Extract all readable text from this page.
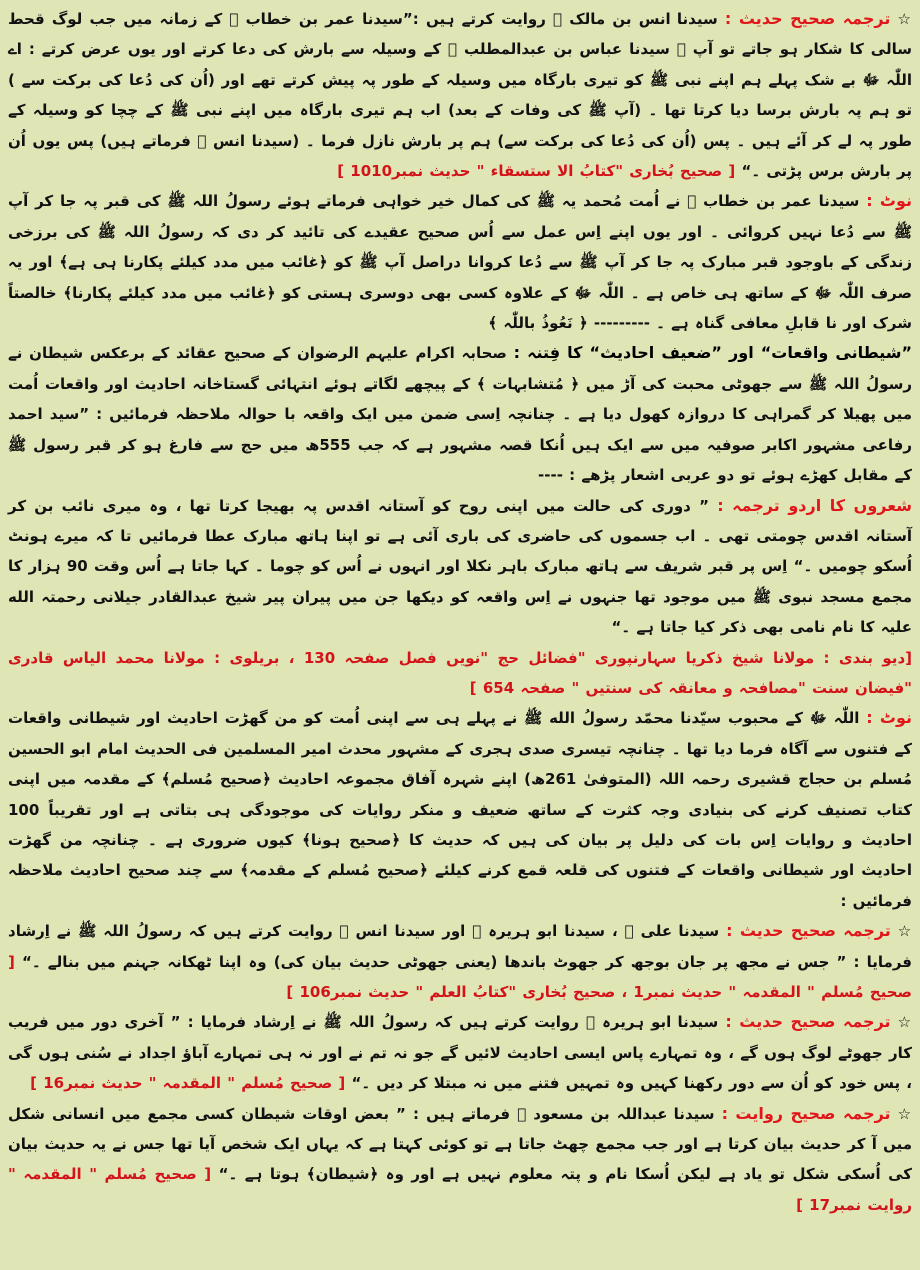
☆ ترجمہ صحیح حدیث : سیدنا انس بن مالک ﷛ روایت کرتے ہیں :”سیدنا عمر بن خطاب ﷛ کے زمانہ میں جب لوگ قحط سالی کا شکار ہو جاتے تو آپ ﷛ سیدنا عباس بن عبدالمطلب ﷛ کے وسیلہ سے بارش کی دعا کرتے اور یوں عرض کرتے : اے اللّٰہ ﷻ بے شک پہلے ہم اپنے نبی ﷺ کو تیری بارگاہ میں وسیلہ کے طور پہ پیش کرتے تھے اور (اُن کی دُعا کی برکت سے ) تو ہم پہ بارش برسا دیا کرتا تھا ۔ (آپ ﷺ کی وفات کے بعد) اب ہم تیری بارگاہ میں اپنے نبی ﷺ کے چچا کو وسیلہ کے طور پہ لے کر آئے ہیں ۔ پس (اُن کی دُعا کی برکت سے) ہم پر بارش نازل فرما ۔ (سیدنا انس ﷛ فرماتے ہیں) پس یوں اُن پر بارش برس پڑتی ۔“ [ صحیح بُخاری "کتابُ الا ستسقاء " حدیث نمبر1010 ]

نوٹ : سیدنا عمر بن خطاب ﷛ نے اُمت مُحمد یہ ﷺ کی کمال خیر خواہی فرماتے ہوئے رسولُ اللہ ﷺ کی قبر پہ جا کر آپ ﷺ سے دُعا نہیں کروائی ۔ اور یوں اپنے اِس عمل سے اُس صحیح عقیدے کی تائید کر دی کہ رسولُ اللہ ﷺ کی برزخی زندگی کے باوجود قبر مبارک پہ جا کر آپ ﷺ سے دُعا کروانا دراصل آپ ﷺ کو ﴿غائب میں مدد کیلئے پکارنا ہی ہے﴾ اور یہ صرف اللّٰہ ﷻ کے ساتھ ہی خاص ہے ۔ اللّٰہ ﷻ کے علاوہ کسی بھی دوسری ہستی کو ﴿غائب میں مدد کیلئے پکارنا﴾ خالصتاً شرک اور نا قابلِ معافی گناہ ہے ۔ --------- ﴿ نَعُوذُ باللّٰہ ﴾

”شیطانی واقعات“ اور ”ضعیف احادیث“ کا فِتنہ : صحابہ اکرام علیہم الرضوان کے صحیح عقائد کے برعکس شیطان نے رسولُ اللہ ﷺ سے جھوٹی محبت کی آڑ میں ﴿ مُتشابہات ﴾ کے پیچھے لگاتے ہوئے انتہائی گستاخانہ احادیث اور واقعات اُمت میں پھیلا کر گمراہی کا دروازہ کھول دیا ہے ۔ چنانچہ اِسی ضمن میں ایک واقعہ با حوالہ ملاحظہ فرمائیں : ”سید احمد رفاعی مشہور اکابر صوفیہ میں سے ایک ہیں اُنکا قصہ مشہور ہے کہ جب 555ھ میں حج سے فارغ ہو کر قبر رسول ﷺ کے مقابل کھڑے ہوئے تو دو عربی اشعار پڑھے : ----

شعروں کا اردو ترجمہ : ” دوری کی حالت میں اپنی روح کو آستانہ اقدس پہ بھیجا کرتا تھا ، وہ میری نائب بن کر آستانہ اقدس چومتی تھی ۔ اب جسموں کی حاضری کی باری آئی ہے تو اپنا ہاتھ مبارک عطا فرمائیں تا کہ میرے ہونٹ اُسکو چومیں ۔“ اِس پر قبر شریف سے ہاتھ مبارک باہر نکلا اور انہوں نے اُس کو چوما ۔ کہا جاتا ہے اُس وقت 90 ہزار کا مجمع مسجد نبوی ﷺ میں موجود تھا جنہوں نے اِس واقعہ کو دیکھا جن میں پیران پیر شیخ عبدالقادر جیلانی رحمتہ الله علیہ کا نام نامی بھی ذکر کیا جاتا ہے ۔“

[دیو بندی : مولانا شیخ ذکریا سہارنپوری "فضائل حج "نویں فصل صفحہ 130 ، بریلوی : مولانا محمد الیاس قادری "فیضان سنت "مصافحہ و معانقہ کی سنتیں " صفحہ 654 ]

نوٹ : اللّٰہ ﷻ کے محبوب سیّدنا محمّد رسولُ الله ﷺ نے پہلے ہی سے اپنی اُمت کو من گھڑت احادیث اور شیطانی واقعات کے فتنوں سے آگاہ فرما دیا تھا ۔ چنانچہ تیسری صدی ہجری کے مشہور محدث امیر المسلمین فی الحدیث امام ابو الحسین مُسلم بن حجاج قشیری رحمہ اللہ (المتوفیٰ 261ھ) اپنے شہرہ آفاق مجموعہ احادیث ﴿صحیح مُسلم﴾ کے مقدمہ میں اپنی کتاب تصنیف کرنے کی بنیادی وجہ کثرت کے ساتھ ضعیف و منکر روایات کی موجودگی ہی بتاتی ہے اور تقریباً 100 احادیث و روایات اِس بات کی دلیل پر بیان کی ہیں کہ حدیث کا ﴿صحیح ہونا﴾ کیوں ضروری ہے ۔ چنانچہ من گھڑت احادیث اور شیطانی واقعات کے فتنوں کی قلعہ قمع کرنے کیلئے ﴿صحیح مُسلم کے مقدمہ﴾ سے چند صحیح احادیث ملاحظہ فرمائیں :

☆ ترجمہ صحیح حدیث : سیدنا علی ﷛ ، سیدنا ابو ہریرہ ﷛ اور سیدنا انس ﷛ روایت کرتے ہیں کہ رسولُ اللہ ﷺ نے اِرشاد فرمایا : ” جس نے مجھ پر جان بوجھ کر جھوٹ باندھا (یعنی جھوٹی حدیث بیان کی) وہ اپنا ٹھکانہ جہنم میں بنالے ۔“ [ صحیح مُسلم " المقدمہ " حدیث نمبر1 ، صحیح بُخاری "کتابُ العلم " حدیث نمبر106 ]

☆ ترجمہ صحیح حدیث : سیدنا ابو ہریرہ ﷛ روایت کرتے ہیں کہ رسولُ اللہ ﷺ نے اِرشاد فرمایا : ” آخری دور میں فریب کار جھوٹے لوگ ہوں گے ، وہ تمہارے پاس ایسی احادیث لائیں گے جو نہ تم نے اور نہ ہی تمہارے آباؤ اجداد نے سُنی ہوں گی ، پس خود کو اُن سے دور رکھنا کہیں وہ تمہیں فتنے میں نہ مبتلا کر دیں ۔“ [ صحیح مُسلم " المقدمہ " حدیث نمبر16 ]

☆ ترجمہ صحیح روایت : سیدنا عبداللہ بن مسعود ﷛ فرماتے ہیں : ” بعض اوقات شیطان کسی مجمع میں انسانی شکل میں آ کر حدیث بیان کرتا ہے اور جب مجمع چھٹ جاتا ہے تو کوئی کہتا ہے کہ یہاں ایک شخص آیا تھا جس نے یہ حدیث بیان کی اُسکی شکل تو یاد ہے لیکن اُسکا نام و پتہ معلوم نہیں ہے اور وہ ﴿شیطان﴾ ہوتا ہے ۔“ [ صحیح مُسلم " المقدمہ " روایت نمبر17 ]
